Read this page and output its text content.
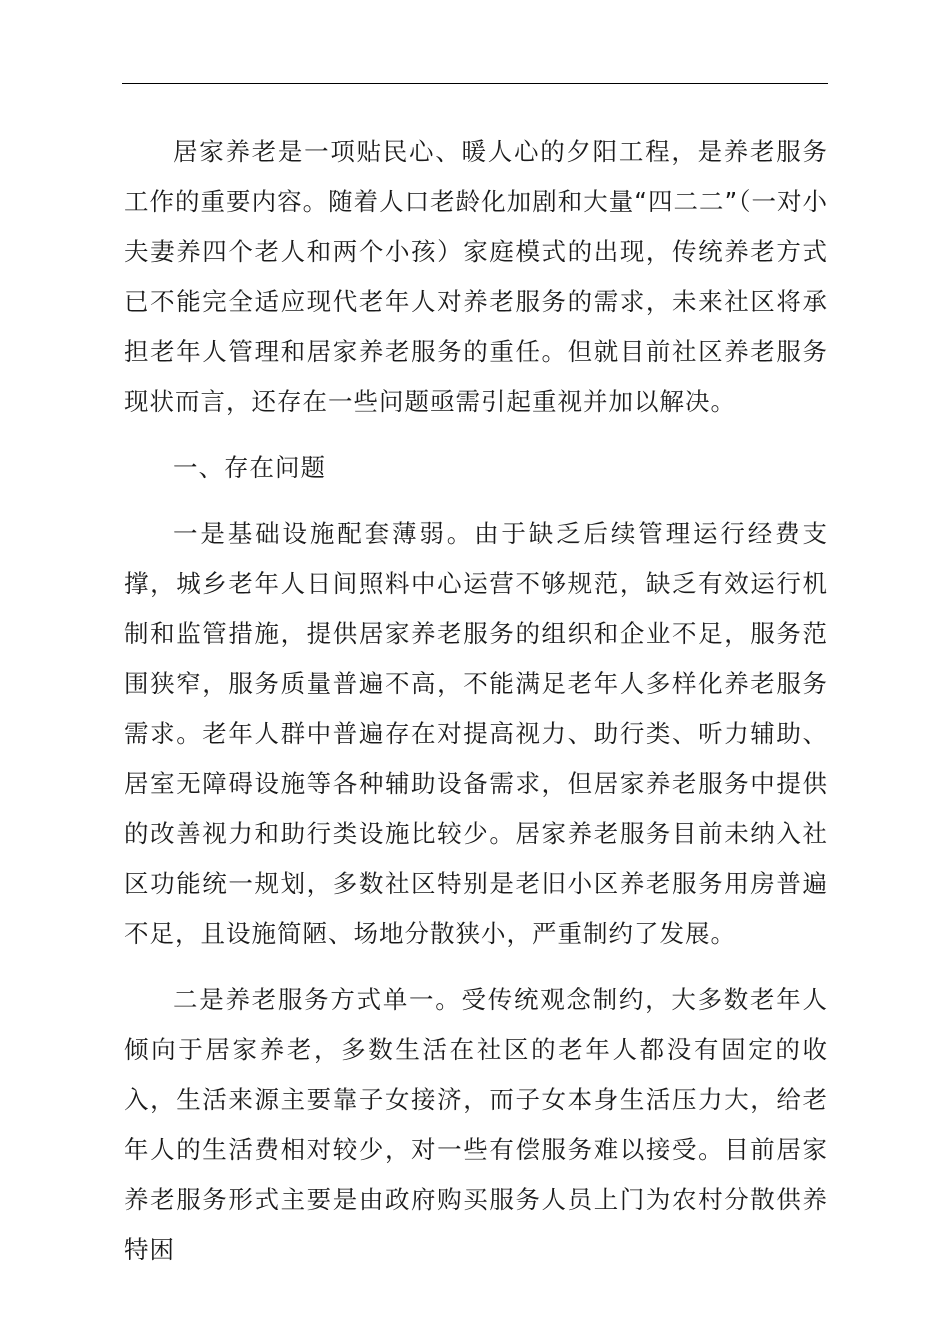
居家养老是一项贴民心、暖人心的夕阳工程，是养老服务工作的重要内容。随着人口老龄化加剧和大量“四二二”（一对小夫妻养四个老人和两个小孩）家庭模式的出现，传统养老方式已不能完全适应现代老年人对养老服务的需求，未来社区将承担老年人管理和居家养老服务的重任。但就目前社区养老服务现状而言，还存在一些问题亟需引起重视并加以解决。

一、存在问题

一是基础设施配套薄弱。由于缺乏后续管理运行经费支撑，城乡老年人日间照料中心运营不够规范，缺乏有效运行机制和监管措施，提供居家养老服务的组织和企业不足，服务范围狭窄，服务质量普遍不高，不能满足老年人多样化养老服务需求。老年人群中普遍存在对提高视力、助行类、听力辅助、居室无障碍设施等各种辅助设备需求，但居家养老服务中提供的改善视力和助行类设施比较少。居家养老服务目前未纳入社区功能统一规划，多数社区特别是老旧小区养老服务用房普遍不足，且设施简陋、场地分散狭小，严重制约了发展。

二是养老服务方式单一。受传统观念制约，大多数老年人倾向于居家养老，多数生活在社区的老年人都没有固定的收入，生活来源主要靠子女接济，而子女本身生活压力大，给老年人的生活费相对较少，对一些有偿服务难以接受。目前居家养老服务形式主要是由政府购买服务人员上门为农村分散供养特困
